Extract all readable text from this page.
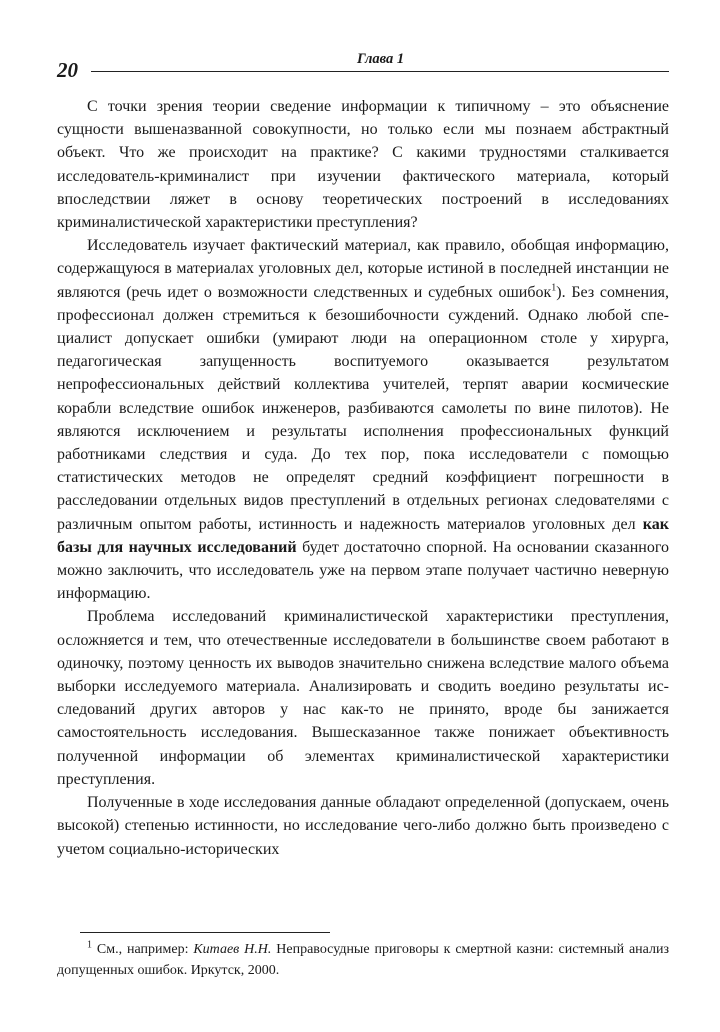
20	Глава 1

С точки зрения теории сведение информации к типичному – это объяснение сущности вышеназванной совокупности, но только если мы познаем абстрактный объект. Что же происходит на практике? С какими трудностями сталкивается исследователь-криминалист при изучении фактического материала, который впоследствии ляжет в основу теоретических построений в исследованиях криминалистической характеристики преступления?

Исследователь изучает фактический материал, как правило, обобщая информацию, содержащуюся в материалах уголовных дел, которые истиной в последней инстанции не являются (речь идет о возможности следственных и судебных ошибок$^1$). Без сомнения, профессионал должен стремиться к безошибочности суждений. Однако любой специалист допускает ошибки (умирают люди на операционном столе у хирурга, педагогическая запущенность воспитуемого оказывается результатом непрофессиональных действий коллектива учителей, терпят аварии космические корабли вследствие ошибок инженеров, разбиваются самолеты по вине пилотов). Не являются исключением и результаты исполнения профессиональных функций работниками следствия и суда. До тех пор, пока исследователи с помощью статистических методов не определят средний коэффициент погрешности в расследовании отдельных видов преступлений в отдельных регионах следователями с различным опытом работы, истинность и надежность материалов уголовных дел как базы для научных исследований будет достаточно спорной. На основании сказанного можно заключить, что исследователь уже на первом этапе получает частично неверную информацию.

Проблема исследований криминалистической характеристики преступления, осложняется и тем, что отечественные исследователи в большинстве своем работают в одиночку, поэтому ценность их выводов значительно снижена вследствие малого объема выборки исследуемого материала. Анализировать и сводить воедино результаты исследований других авторов у нас как-то не принято, вроде бы занижается самостоятельность исследования. Вышесказанное также понижает объективность полученной информации об элементах криминалистической характеристики преступления.

Полученные в ходе исследования данные обладают определенной (допускаем, очень высокой) степенью истинности, но исследование чего-либо должно быть произведено с учетом социально-исторических

$^1$ См., например: Китаев Н.Н. Неправосудные приговоры к смертной казни: системный анализ допущенных ошибок. Иркутск, 2000.
